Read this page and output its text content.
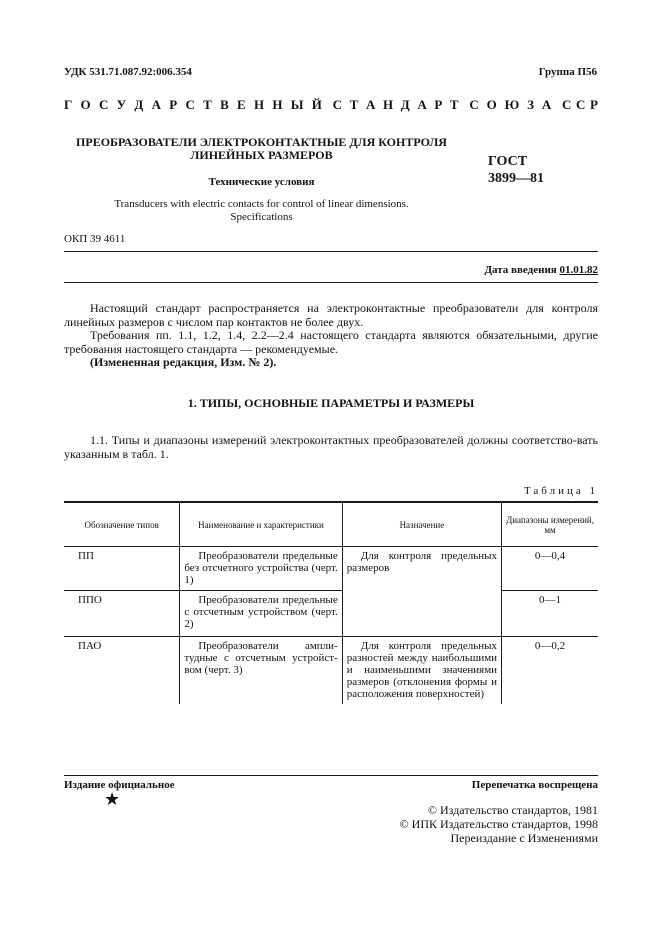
УДК 531.71.087.92:006.354	Группа П56
Г О С У Д А Р С Т В Е Н Н Ы Й С Т А Н Д А Р Т С О Ю З А С С Р
ПРЕОБРАЗОВАТЕЛИ ЭЛЕКТРОКОНТАКТНЫЕ ДЛЯ КОНТРОЛЯ
ЛИНЕЙНЫХ РАЗМЕРОВ	ГОСТ
3899—81
Технические условия
Transducers with electric contacts for control of linear dimensions.
Specifications
ОКП 39 4611
Дата введения 01.01.82
Настоящий стандарт распространяется на электроконтактные преобразователи для контроля линейных размеров с числом пар контактов не более двух.
Требования пп. 1.1, 1.2, 1.4, 2.2—2.4 настоящего стандарта являются обязательными, другие требования настоящего стандарта — рекомендуемые.
(Измененная редакция, Изм. № 2).
1. ТИПЫ, ОСНОВНЫЕ ПАРАМЕТРЫ И РАЗМЕРЫ
1.1. Типы и диапазоны измерений электроконтактных преобразователей должны соответство-вать указанным в табл. 1.
Таблица 1
Обозначение типов	Наименование и характеристики	Назначение	Диапазоны измерений, мм
ПП	Преобразователи предельные без отсчетного устройства (черт. 1)	Для контроля предельных размеров	0—0,4
ППО	Преобразователи предельные с отсчетным устройством (черт. 2)		0—1
ПАО	Преобразователи ампли-тудные с отсчетным устройст-вом (черт. 3)	Для контроля предельных разностей между наибольшими и наименьшими значениями размеров (отклонения формы и расположения поверхностей)	0—0,2
Издание официальное	Перепечатка воспрещена
★
© Издательство стандартов, 1981
© ИПК Издательство стандартов, 1998
Переиздание с Изменениями
